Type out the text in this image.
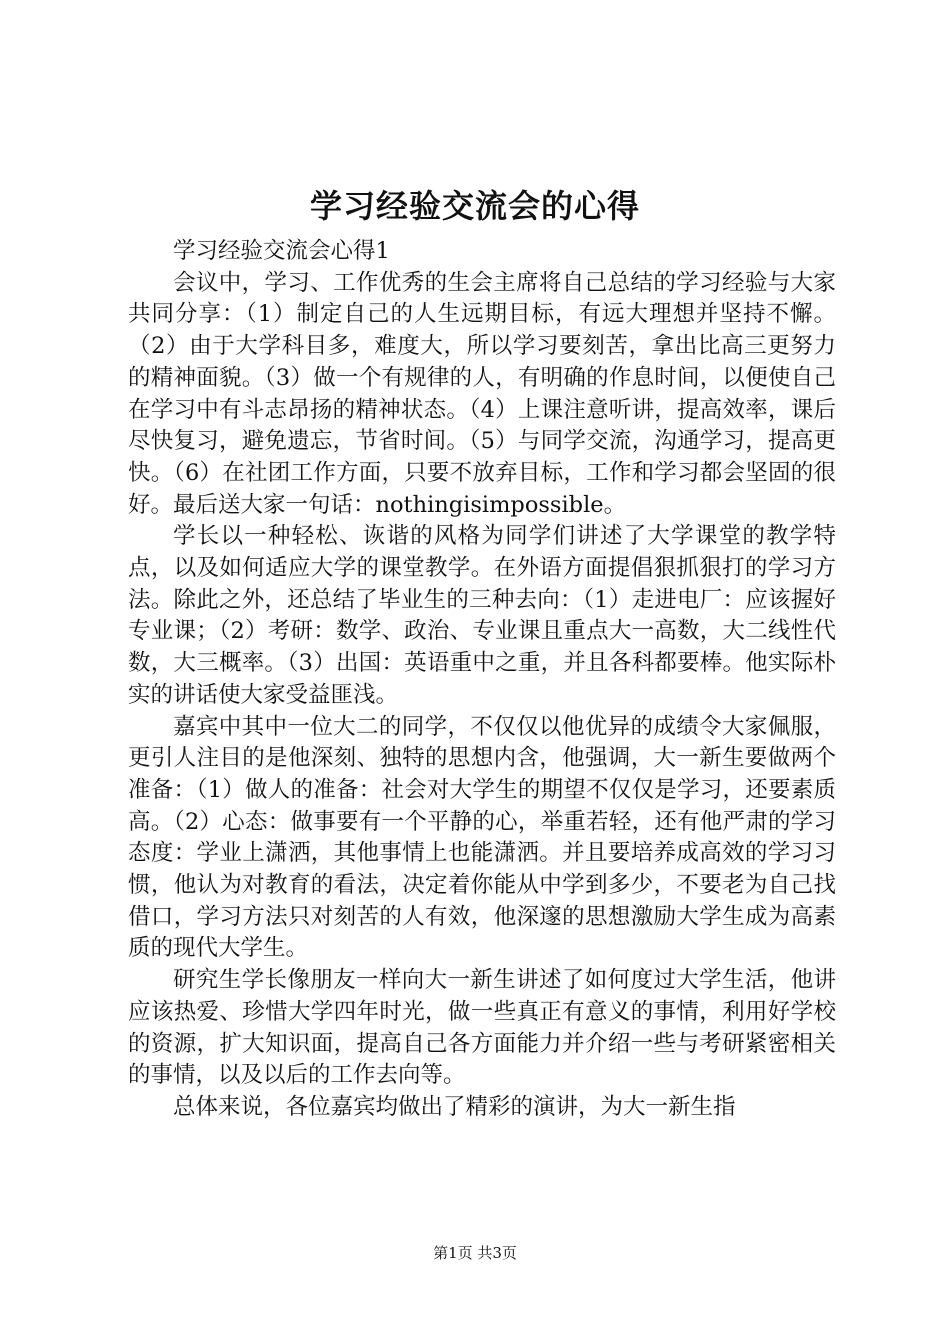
学习经验交流会的心得

学习经验交流会心得1

会议中，学习、工作优秀的生会主席将自己总结的学习经验与大家共同分享：（1）制定自己的人生远期目标，有远大理想并坚持不懈。（2）由于大学科目多，难度大，所以学习要刻苦，拿出比高三更努力的精神面貌。（3）做一个有规律的人，有明确的作息时间，以便使自己在学习中有斗志昂扬的精神状态。（4）上课注意听讲，提高效率，课后尽快复习，避免遗忘，节省时间。（5）与同学交流，沟通学习，提高更快。（6）在社团工作方面，只要不放弃目标，工作和学习都会坚固的很好。最后送大家一句话：nothingisimpossible。

学长以一种轻松、诙谐的风格为同学们讲述了大学课堂的教学特点，以及如何适应大学的课堂教学。在外语方面提倡狠抓狠打的学习方法。除此之外，还总结了毕业生的三种去向：（1）走进电厂：应该握好专业课；（2）考研：数学、政治、专业课且重点大一高数，大二线性代数，大三概率。（3）出国：英语重中之重，并且各科都要棒。他实际朴实的讲话使大家受益匪浅。

嘉宾中其中一位大二的同学，不仅仅以他优异的成绩令大家佩服，更引人注目的是他深刻、独特的思想内含，他强调，大一新生要做两个准备：（1）做人的准备：社会对大学生的期望不仅仅是学习，还要素质高。（2）心态：做事要有一个平静的心，举重若轻，还有他严肃的学习态度：学业上潇洒，其他事情上也能潇洒。并且要培养成高效的学习习惯，他认为对教育的看法，决定着你能从中学到多少，不要老为自己找借口，学习方法只对刻苦的人有效，他深邃的思想激励大学生成为高素质的现代大学生。

研究生学长像朋友一样向大一新生讲述了如何度过大学生活，他讲应该热爱、珍惜大学四年时光，做一些真正有意义的事情，利用好学校的资源，扩大知识面，提高自己各方面能力并介绍一些与考研紧密相关的事情，以及以后的工作去向等。

总体来说，各位嘉宾均做出了精彩的演讲，为大一新生指

第1页 共3页
